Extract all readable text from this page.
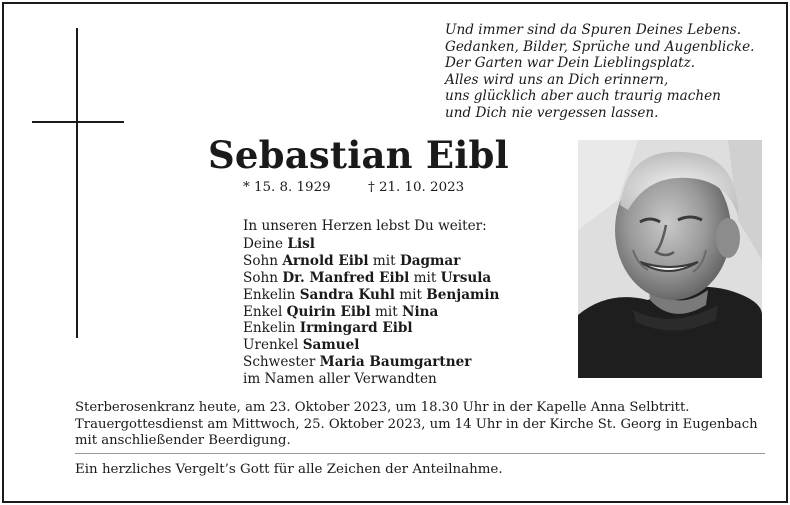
Und immer sind da Spuren Deines Lebens.
Gedanken, Bilder, Sprüche und Augenblicke.
Der Garten war Dein Lieblingsplatz.
Alles wird uns an Dich erinnern,
uns glücklich aber auch traurig machen
und Dich nie vergessen lassen.
Sebastian Eibl
* 15. 8. 1929	† 21. 10. 2023
In unseren Herzen lebst Du weiter:
Deine Lisl
Sohn Arnold Eibl mit Dagmar
Sohn Dr. Manfred Eibl mit Ursula
Enkelin Sandra Kuhl mit Benjamin
Enkel Quirin Eibl mit Nina
Enkelin Irmingard Eibl
Urenkel Samuel
Schwester Maria Baumgartner
im Namen aller Verwandten
Sterberosenkranz heute, am 23. Oktober 2023, um 18.30 Uhr in der Kapelle Anna Selbtritt.
Trauergottesdienst am Mittwoch, 25. Oktober 2023, um 14 Uhr in der Kirche St. Georg in Eugenbach
mit anschließender Beerdigung.
Ein herzliches Vergelt’s Gott für alle Zeichen der Anteilnahme.
